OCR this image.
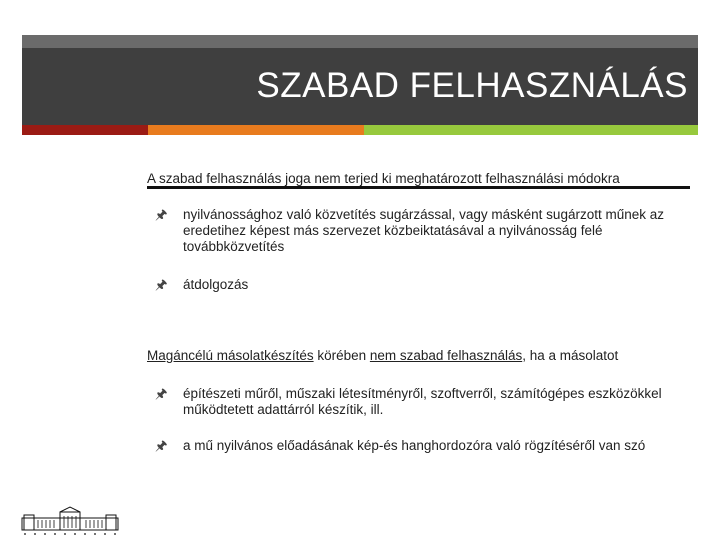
SZABAD FELHASZNÁLÁS
A szabad felhasználás joga nem terjed ki meghatározott felhasználási módokra
🖈︎ nyilvánossághoz való közvetítés sugárzással, vagy másként sugárzott műnek az eredetihez képest más szervezet közbeiktatásával a nyilvánosság felé továbbközvetítés
🖈︎ átdolgozás
Magáncélú másolatkészítés körében nem szabad felhasználás, ha a másolatot
🖈︎ építészeti műről, műszaki létesítményről, szoftverről, számítógépes eszközökkel működtetett adattárról készítik, ill.
🖈︎ a mű nyilvános előadásának kép-és hanghordozóra való rögzítéséről van szó
